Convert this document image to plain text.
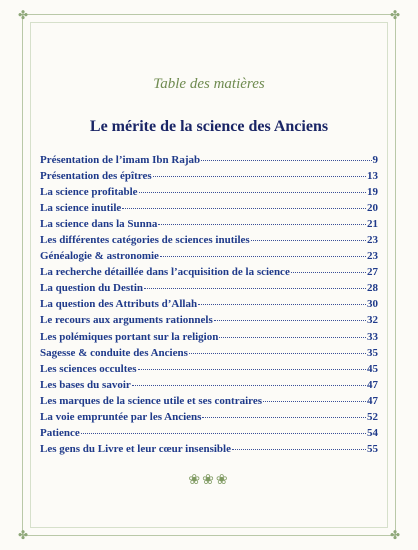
✤	✤
✤	✤
Table des matières
Le mérite de la science des Anciens
Présentation de l’imam Ibn Rajab	9
Présentation des épîtres	13
La science profitable	19
La science inutile	20
La science dans la Sunna	21
Les différentes catégories de sciences inutiles	23
Généalogie & astronomie	23
La recherche détaillée dans l’acquisition de la science	27
La question du Destin	28
La question des Attributs d’Allah	30
Le recours aux arguments rationnels	32
Les polémiques portant sur la religion	33
Sagesse & conduite des Anciens	35
Les sciences occultes	45
Les bases du savoir	47
Les marques de la science utile et ses contraires	47
La voie empruntée par les Anciens	52
Patience	54
Les gens du Livre et leur cœur insensible	55
❀❀❀
